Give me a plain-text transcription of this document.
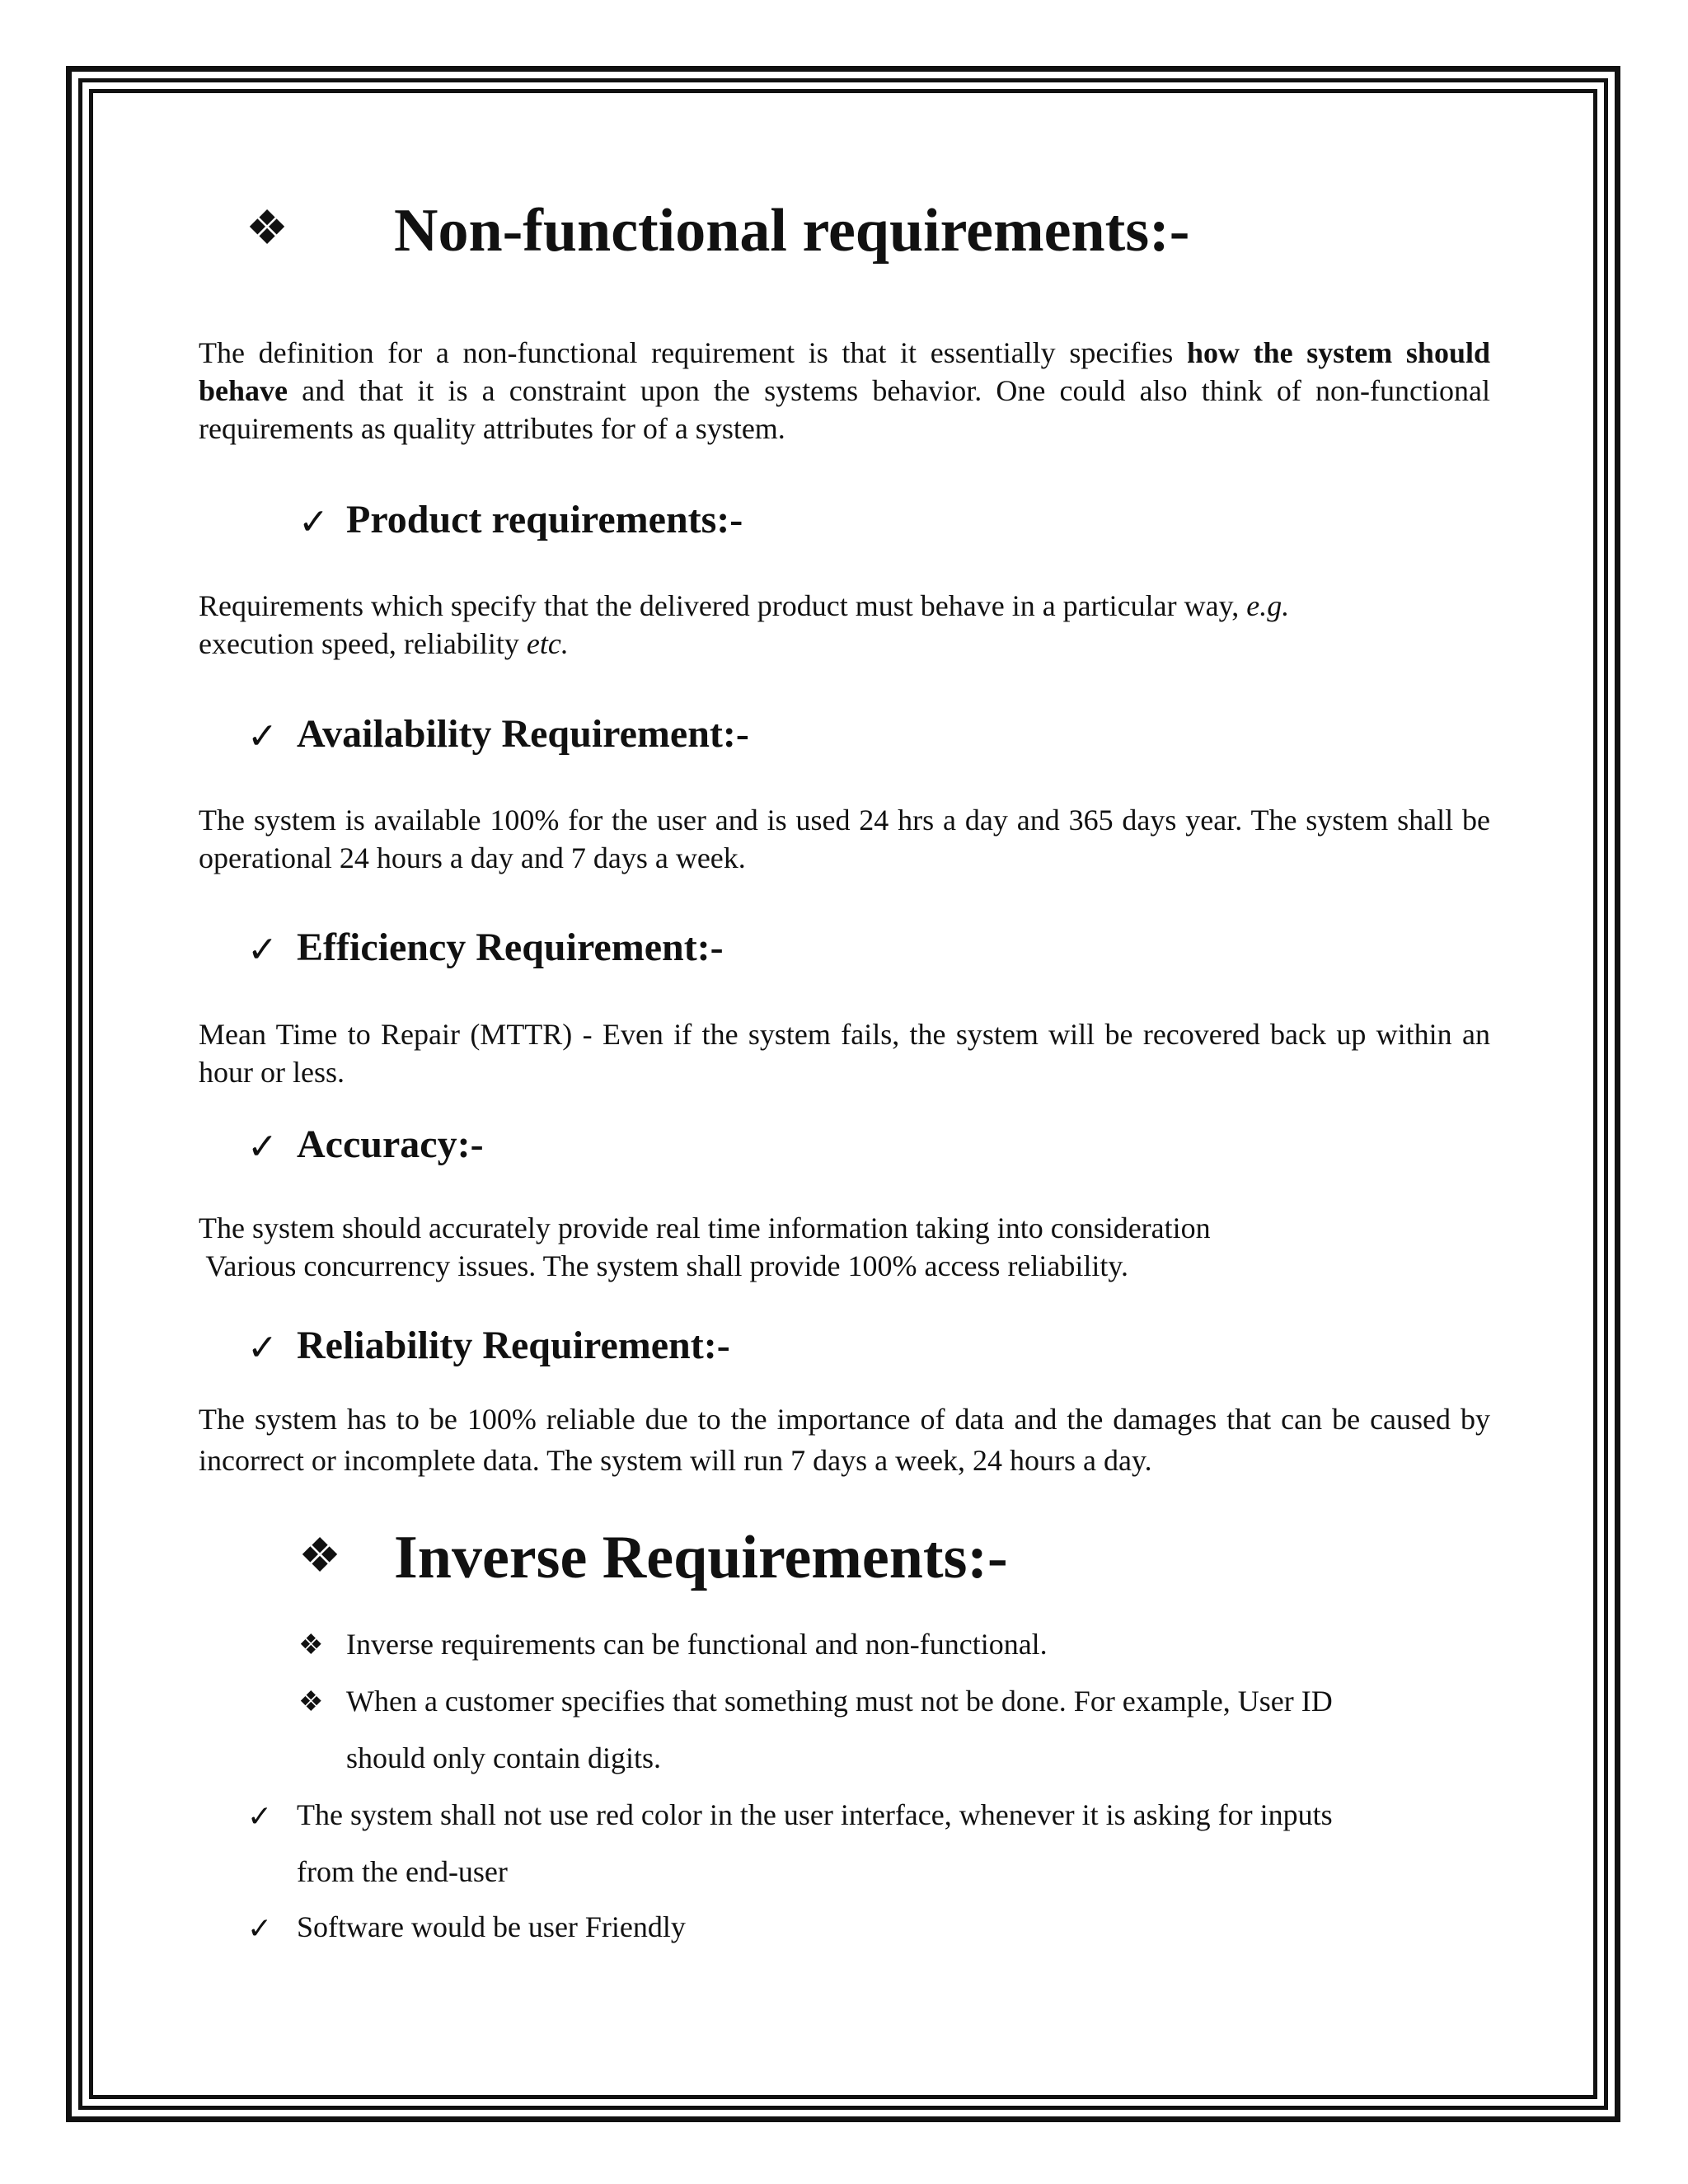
❖ Non-functional requirements:-
The definition for a non-functional requirement is that it essentially specifies how the system should behave and that it is a constraint upon the systems behavior. One could also think of non-functional requirements as quality attributes for of a system.
✓ Product requirements:-
Requirements which specify that the delivered product must behave in a particular way, e.g.
execution speed, reliability etc.
✓ Availability Requirement:-
The system is available 100% for the user and is used 24 hrs a day and 365 days year. The system shall be operational 24 hours a day and 7 days a week.
✓ Efficiency Requirement:-
Mean Time to Repair (MTTR) - Even if the system fails, the system will be recovered back up within an hour or less.
✓ Accuracy:-
The system should accurately provide real time information taking into consideration
Various concurrency issues. The system shall provide 100% access reliability.
✓ Reliability Requirement:-
The system has to be 100% reliable due to the importance of data and the damages that can be caused by incorrect or incomplete data. The system will run 7 days a week, 24 hours a day.
❖ Inverse Requirements:-
❖ Inverse requirements can be functional and non-functional.
❖ When a customer specifies that something must not be done. For example, User ID
should only contain digits.
✓ The system shall not use red color in the user interface, whenever it is asking for inputs
from the end-user
✓ Software would be user Friendly
